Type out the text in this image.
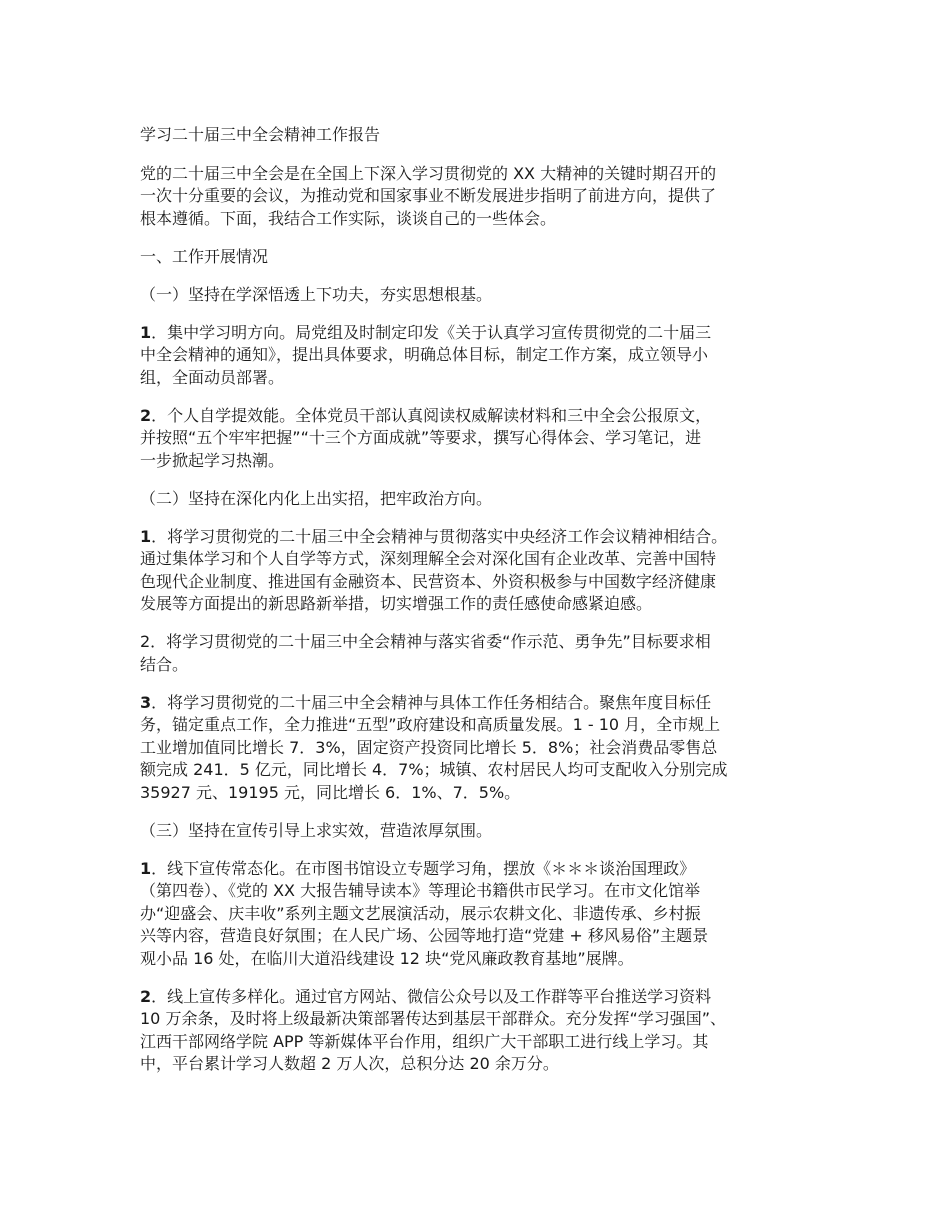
学习二十届三中全会精神工作报告
党的二十届三中全会是在全国上下深入学习贯彻党的 XX 大精神的关键时期召开的
一次十分重要的会议，为推动党和国家事业不断发展进步指明了前进方向，提供了
根本遵循。下面，我结合工作实际，谈谈自己的一些体会。
一、工作开展情况
（一）坚持在学深悟透上下功夫，夯实思想根基。
1．集中学习明方向。局党组及时制定印发《关于认真学习宣传贯彻党的二十届三
中全会精神的通知》，提出具体要求，明确总体目标，制定工作方案，成立领导小
组，全面动员部署。
2．个人自学提效能。全体党员干部认真阅读权威解读材料和三中全会公报原文，
并按照“五个牢牢把握”“十三个方面成就”等要求，撰写心得体会、学习笔记，进
一步掀起学习热潮。
（二）坚持在深化内化上出实招，把牢政治方向。
1．将学习贯彻党的二十届三中全会精神与贯彻落实中央经济工作会议精神相结合。
通过集体学习和个人自学等方式，深刻理解全会对深化国有企业改革、完善中国特
色现代企业制度、推进国有金融资本、民营资本、外资积极参与中国数字经济健康
发展等方面提出的新思路新举措，切实增强工作的责任感使命感紧迫感。
2．将学习贯彻党的二十届三中全会精神与落实省委“作示范、勇争先”目标要求相
结合。
3．将学习贯彻党的二十届三中全会精神与具体工作任务相结合。聚焦年度目标任
务，锚定重点工作，全力推进“五型”政府建设和高质量发展。1 - 10 月，全市规上
工业增加值同比增长 7．3%，固定资产投资同比增长 5．8%；社会消费品零售总
额完成 241．5 亿元，同比增长 4．7%；城镇、农村居民人均可支配收入分别完成
35927 元、19195 元，同比增长 6．1%、7．5%。
（三）坚持在宣传引导上求实效，营造浓厚氛围。
1．线下宣传常态化。在市图书馆设立专题学习角，摆放《＊＊＊谈治国理政》
（第四卷）、《党的 XX 大报告辅导读本》等理论书籍供市民学习。在市文化馆举
办“迎盛会、庆丰收”系列主题文艺展演活动，展示农耕文化、非遗传承、乡村振
兴等内容，营造良好氛围；在人民广场、公园等地打造“党建 + 移风易俗”主题景
观小品 16 处，在临川大道沿线建设 12 块“党风廉政教育基地”展牌。
2．线上宣传多样化。通过官方网站、微信公众号以及工作群等平台推送学习资料
10 万余条，及时将上级最新决策部署传达到基层干部群众。充分发挥“学习强国”、
江西干部网络学院 APP 等新媒体平台作用，组织广大干部职工进行线上学习。其
中，平台累计学习人数超 2 万人次，总积分达 20 余万分。
